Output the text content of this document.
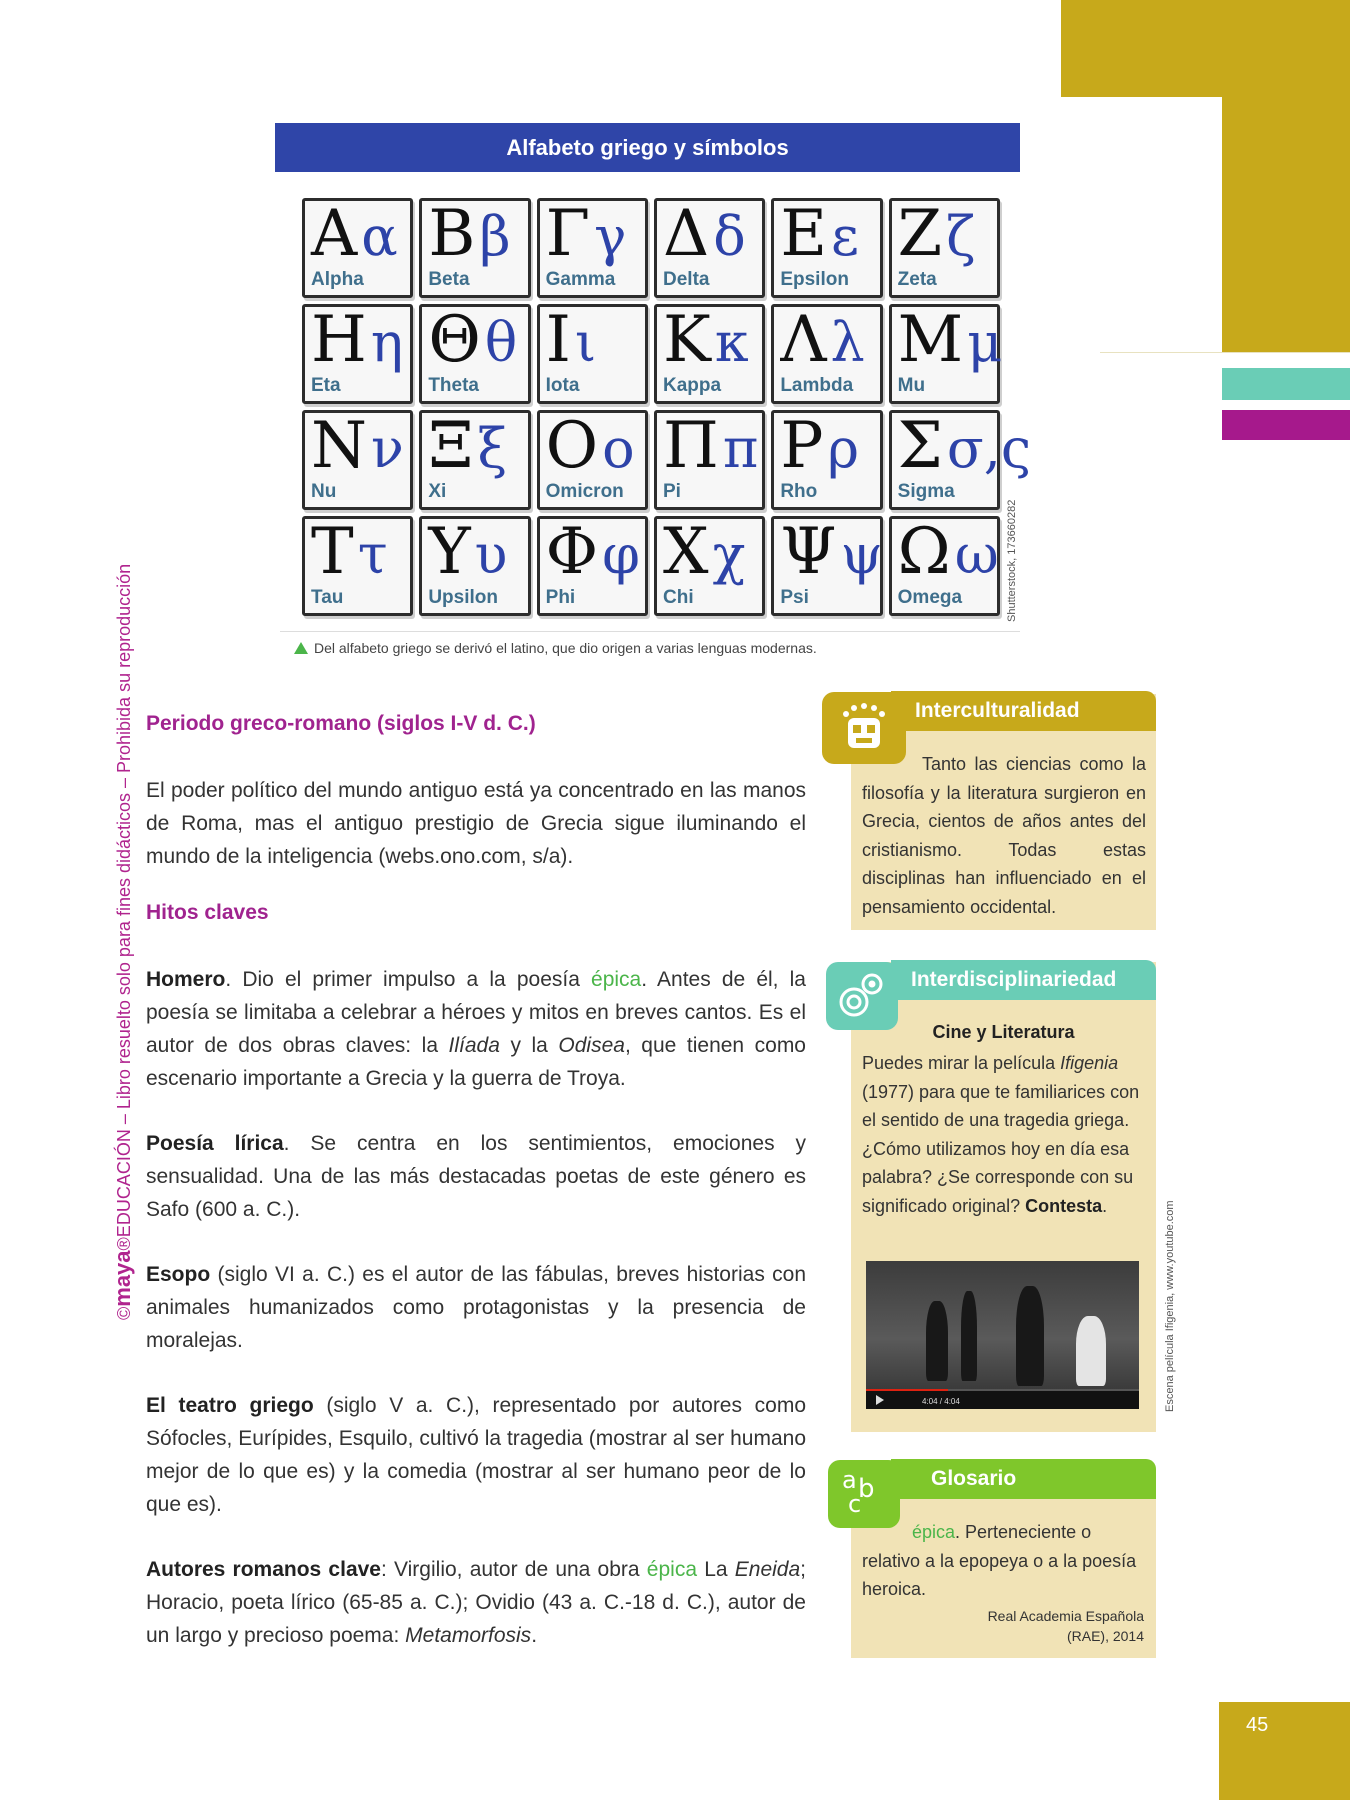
©maya®EDUCACIÓN – Libro resuelto solo para fines didácticos – Prohibida su reproducción
Alfabeto griego y símbolos
Αα
Alpha
Ββ
Beta
Γγ
Gamma
Δδ
Delta
Εε
Epsilon
Ζζ
Zeta
Ηη
Eta
Θθ
Theta
Ιι
Iota
Κκ
Kappa
Λλ
Lambda
Μμ
Mu
Νν
Nu
Ξξ
Xi
Οο
Omicron
Ππ
Pi
Ρρ
Rho
Σσ,ς
Sigma
Ττ
Tau
Υυ
Upsilon
Φφ
Phi
Χχ
Chi
Ψψ
Psi
Ωω
Omega	Shutterstock, 173660282
Del alfabeto griego se derivó el latino, que dio origen a varias lenguas modernas.
Periodo greco-romano (siglos I-V d. C.)

El poder político del mundo antiguo está ya concentrado en las manos de Roma, mas el antiguo prestigio de Grecia sigue iluminando el mundo de la inteligencia (webs.ono.com, s/a).

Hitos claves

Homero. Dio el primer impulso a la poesía épica. Antes de él, la poesía se limitaba a celebrar a héroes y mitos en breves cantos. Es el autor de dos obras claves: la Ilíada y la Odisea, que tienen como escenario importante a Grecia y la guerra de Troya.

Poesía lírica. Se centra en los sentimientos, emociones y sensualidad. Una de las más destacadas poetas de este género es Safo (600 a. C.).

Esopo (siglo VI a. C.) es el autor de las fábulas, breves historias con animales humanizados como protagonistas y la presencia de moralejas.

El teatro griego (siglo V a. C.), representado por autores como Sófocles, Eurípides, Esquilo, cultivó la tragedia (mostrar al ser humano mejor de lo que es) y la comedia (mostrar al ser humano peor de lo que es).

Autores romanos clave: Virgilio, autor de una obra épica La Eneida; Horacio, poeta lírico (65-85 a. C.); Ovidio (43 a. C.-18 d. C.), autor de un largo y precioso poema: Metamorfosis.

Interculturalidad
Tanto las ciencias como la filosofía y la literatura surgieron en Grecia, cientos de años antes del cristianismo. Todas estas disciplinas han influenciado en el pensamiento occidental.
Interdisciplinariedad
Cine y Literatura
Puedes mirar la película Ifigenia (1977) para que te familiarices con el sentido de una tragedia griega. ¿Cómo utilizamos hoy en día esa palabra? ¿Se corresponde con su significado original? Contesta.
4:04 / 4:04	Escena película Ifigenia, www.youtube.com
Glosario
a b
c
épica. Perteneciente o relativo a la epopeya o a la poesía heroica.
Real Academia Española
(RAE), 2014
45
